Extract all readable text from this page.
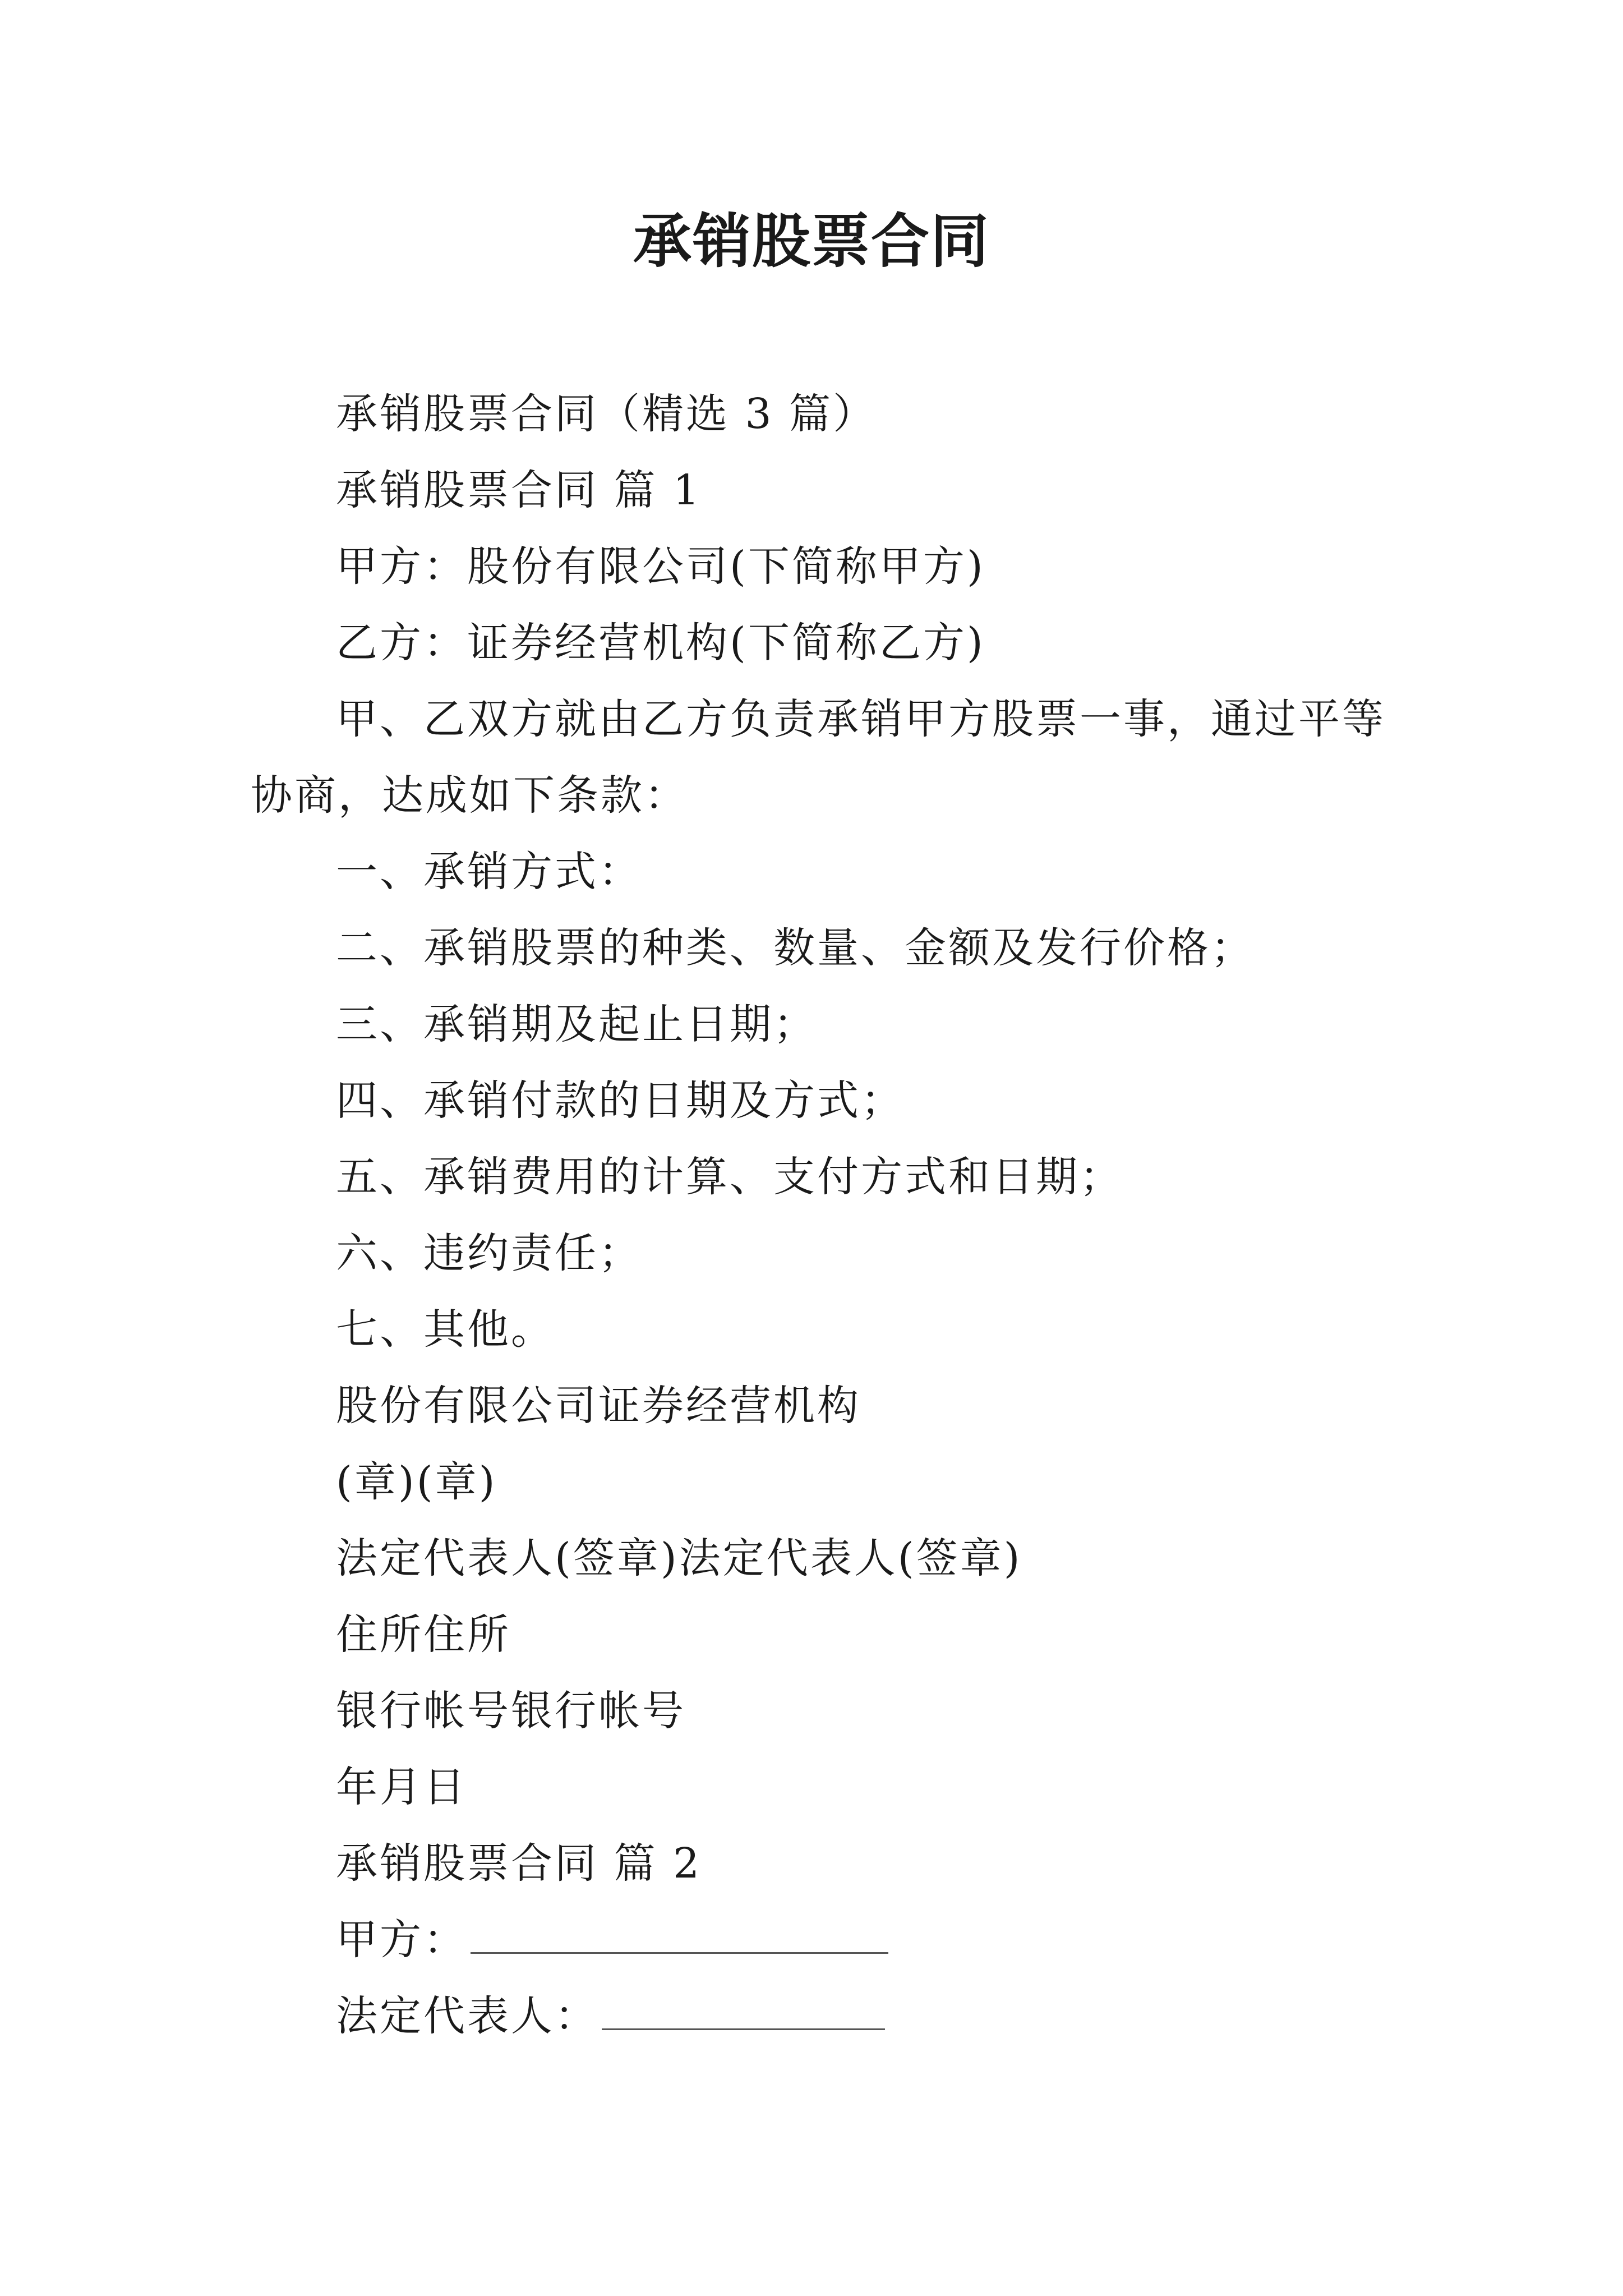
承销股票合同
承销股票合同（精选 3 篇）
承销股票合同 篇 1
甲方：股份有限公司(下简称甲方)
乙方：证券经营机构(下简称乙方)
甲、乙双方就由乙方负责承销甲方股票一事，通过平等协商，达成如下条款：
一、承销方式：
二、承销股票的种类、数量、金额及发行价格；
三、承销期及起止日期；
四、承销付款的日期及方式；
五、承销费用的计算、支付方式和日期；
六、违约责任；
七、其他。
股份有限公司证券经营机构
(章)(章)
法定代表人(签章)法定代表人(签章)
住所住所
银行帐号银行帐号
年月日
承销股票合同 篇 2
甲方：
法定代表人：
